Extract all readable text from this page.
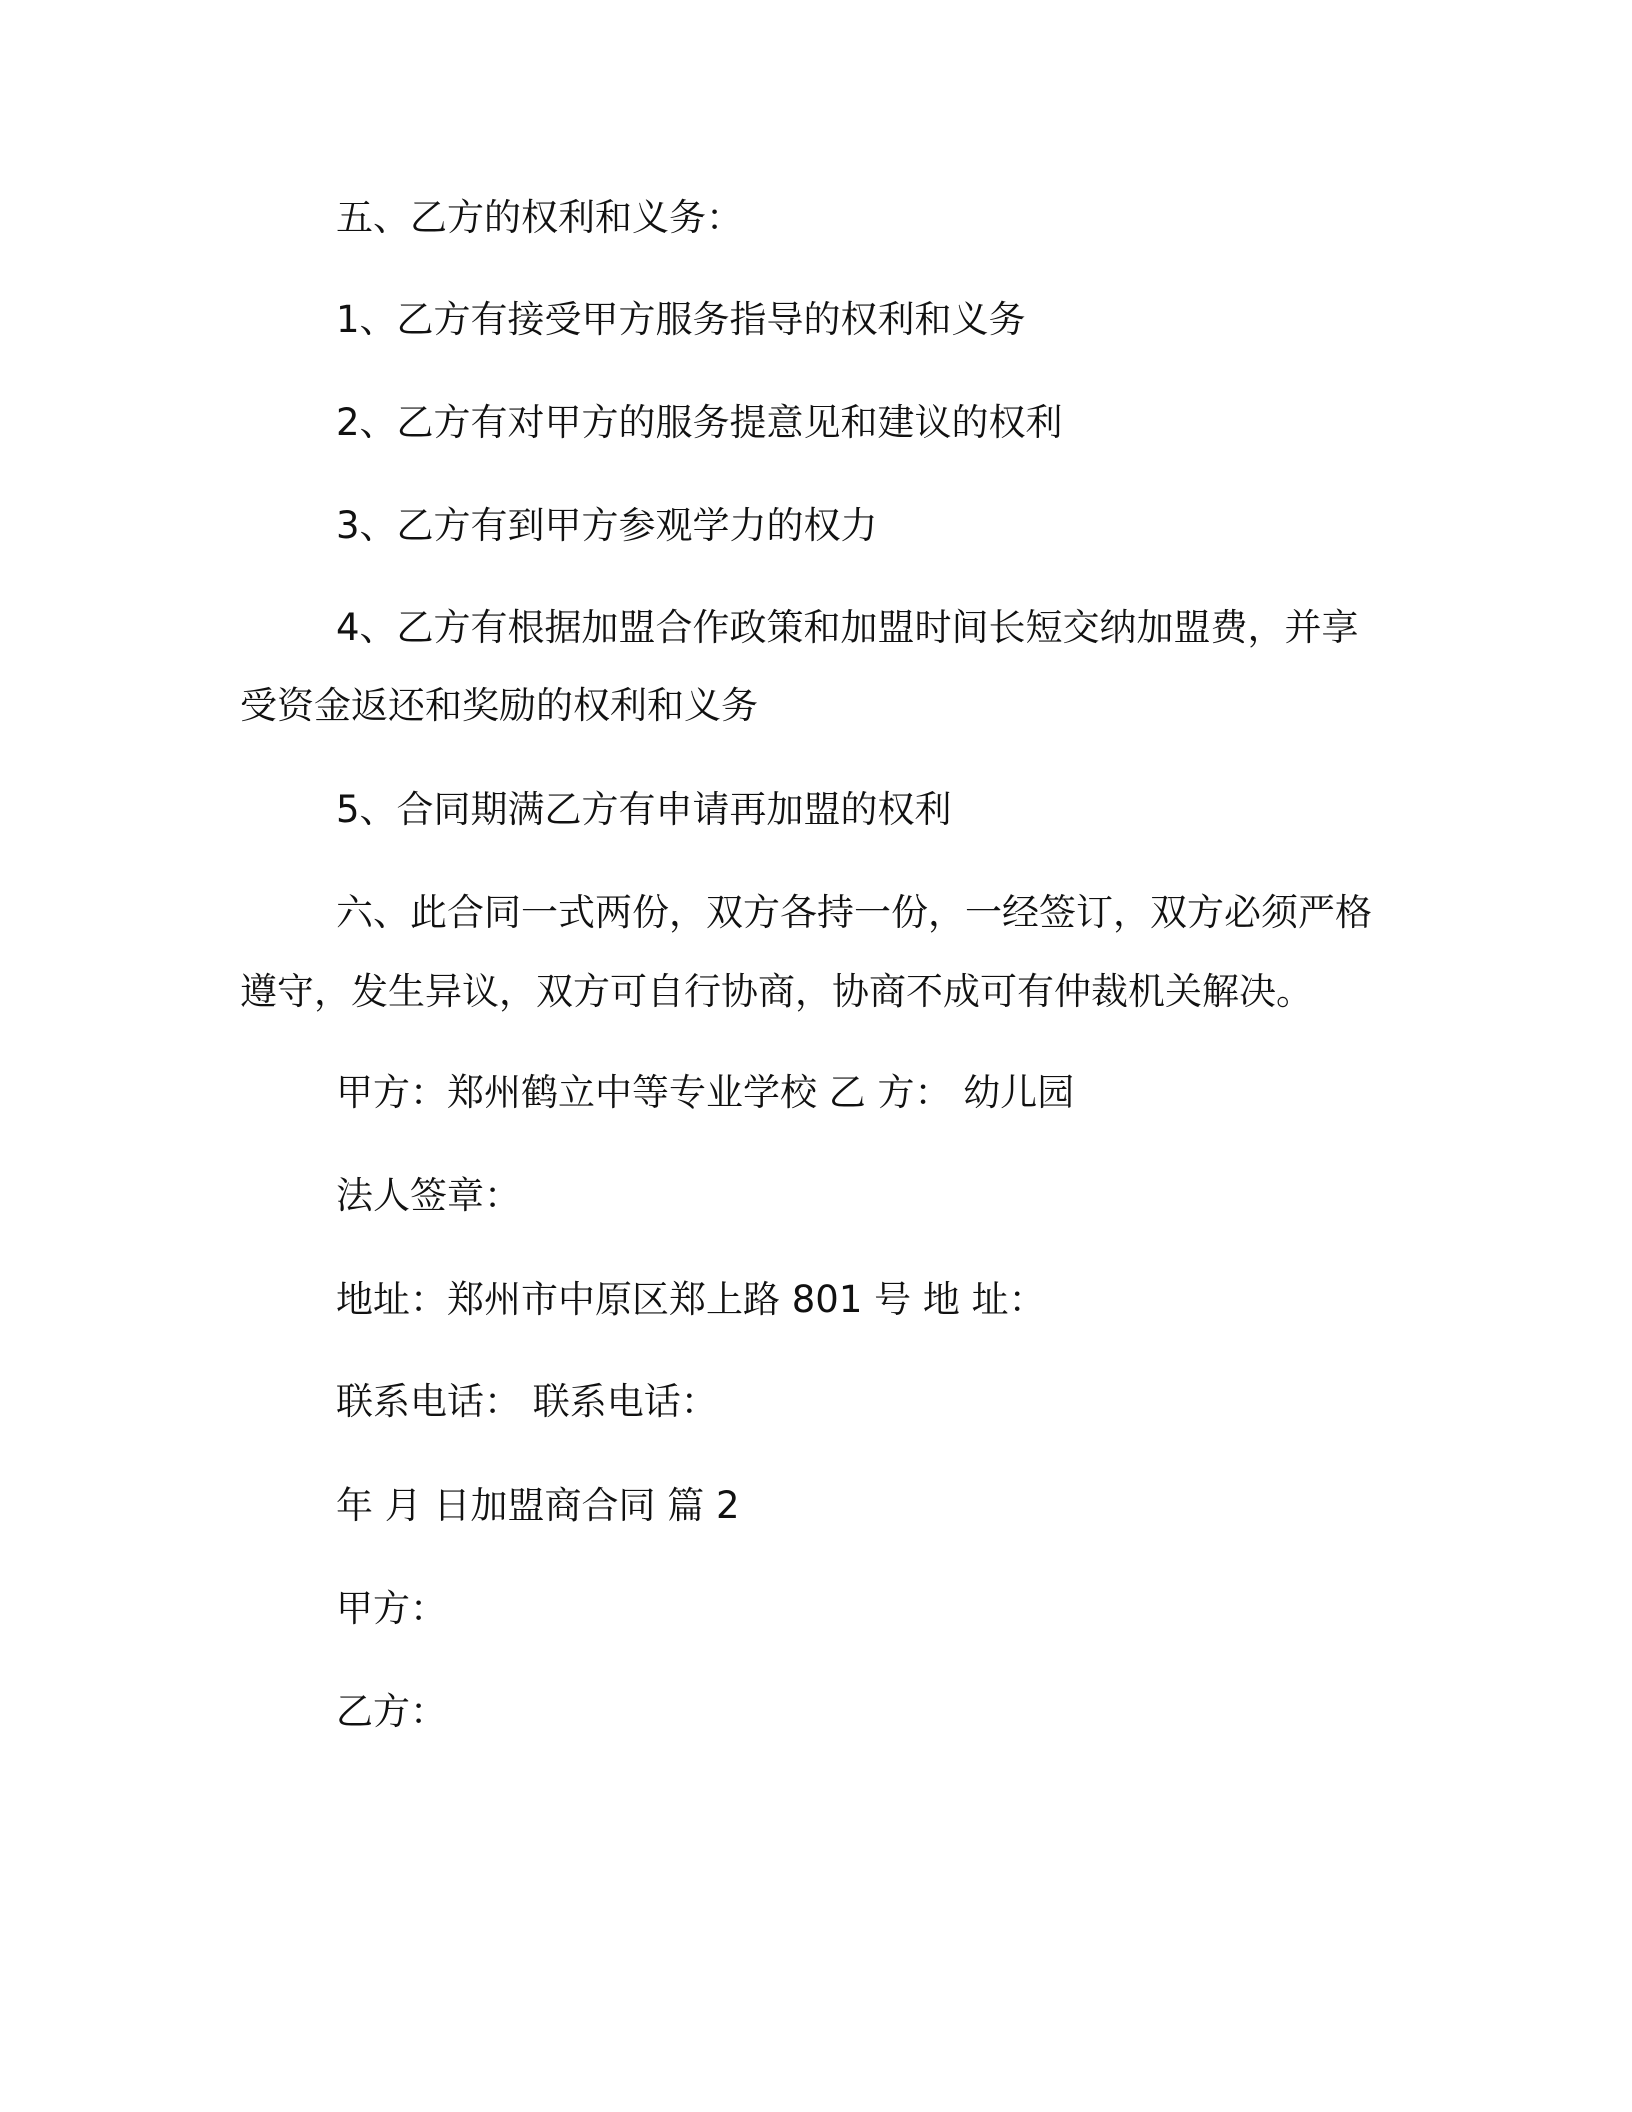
五、乙方的权利和义务：

1、乙方有接受甲方服务指导的权利和义务

2、乙方有对甲方的服务提意见和建议的权利

3、乙方有到甲方参观学力的权力

4、乙方有根据加盟合作政策和加盟时间长短交纳加盟费，并享

受资金返还和奖励的权利和义务

5、合同期满乙方有申请再加盟的权利

六、此合同一式两份，双方各持一份，一经签订，双方必须严格

遵守，发生异议，双方可自行协商，协商不成可有仲裁机关解决。

甲方：郑州鹤立中等专业学校 乙 方： 幼儿园

法人签章：

地址：郑州市中原区郑上路 801 号 地 址：

联系电话： 联系电话：

年 月 日加盟商合同 篇 2

甲方：

乙方：
